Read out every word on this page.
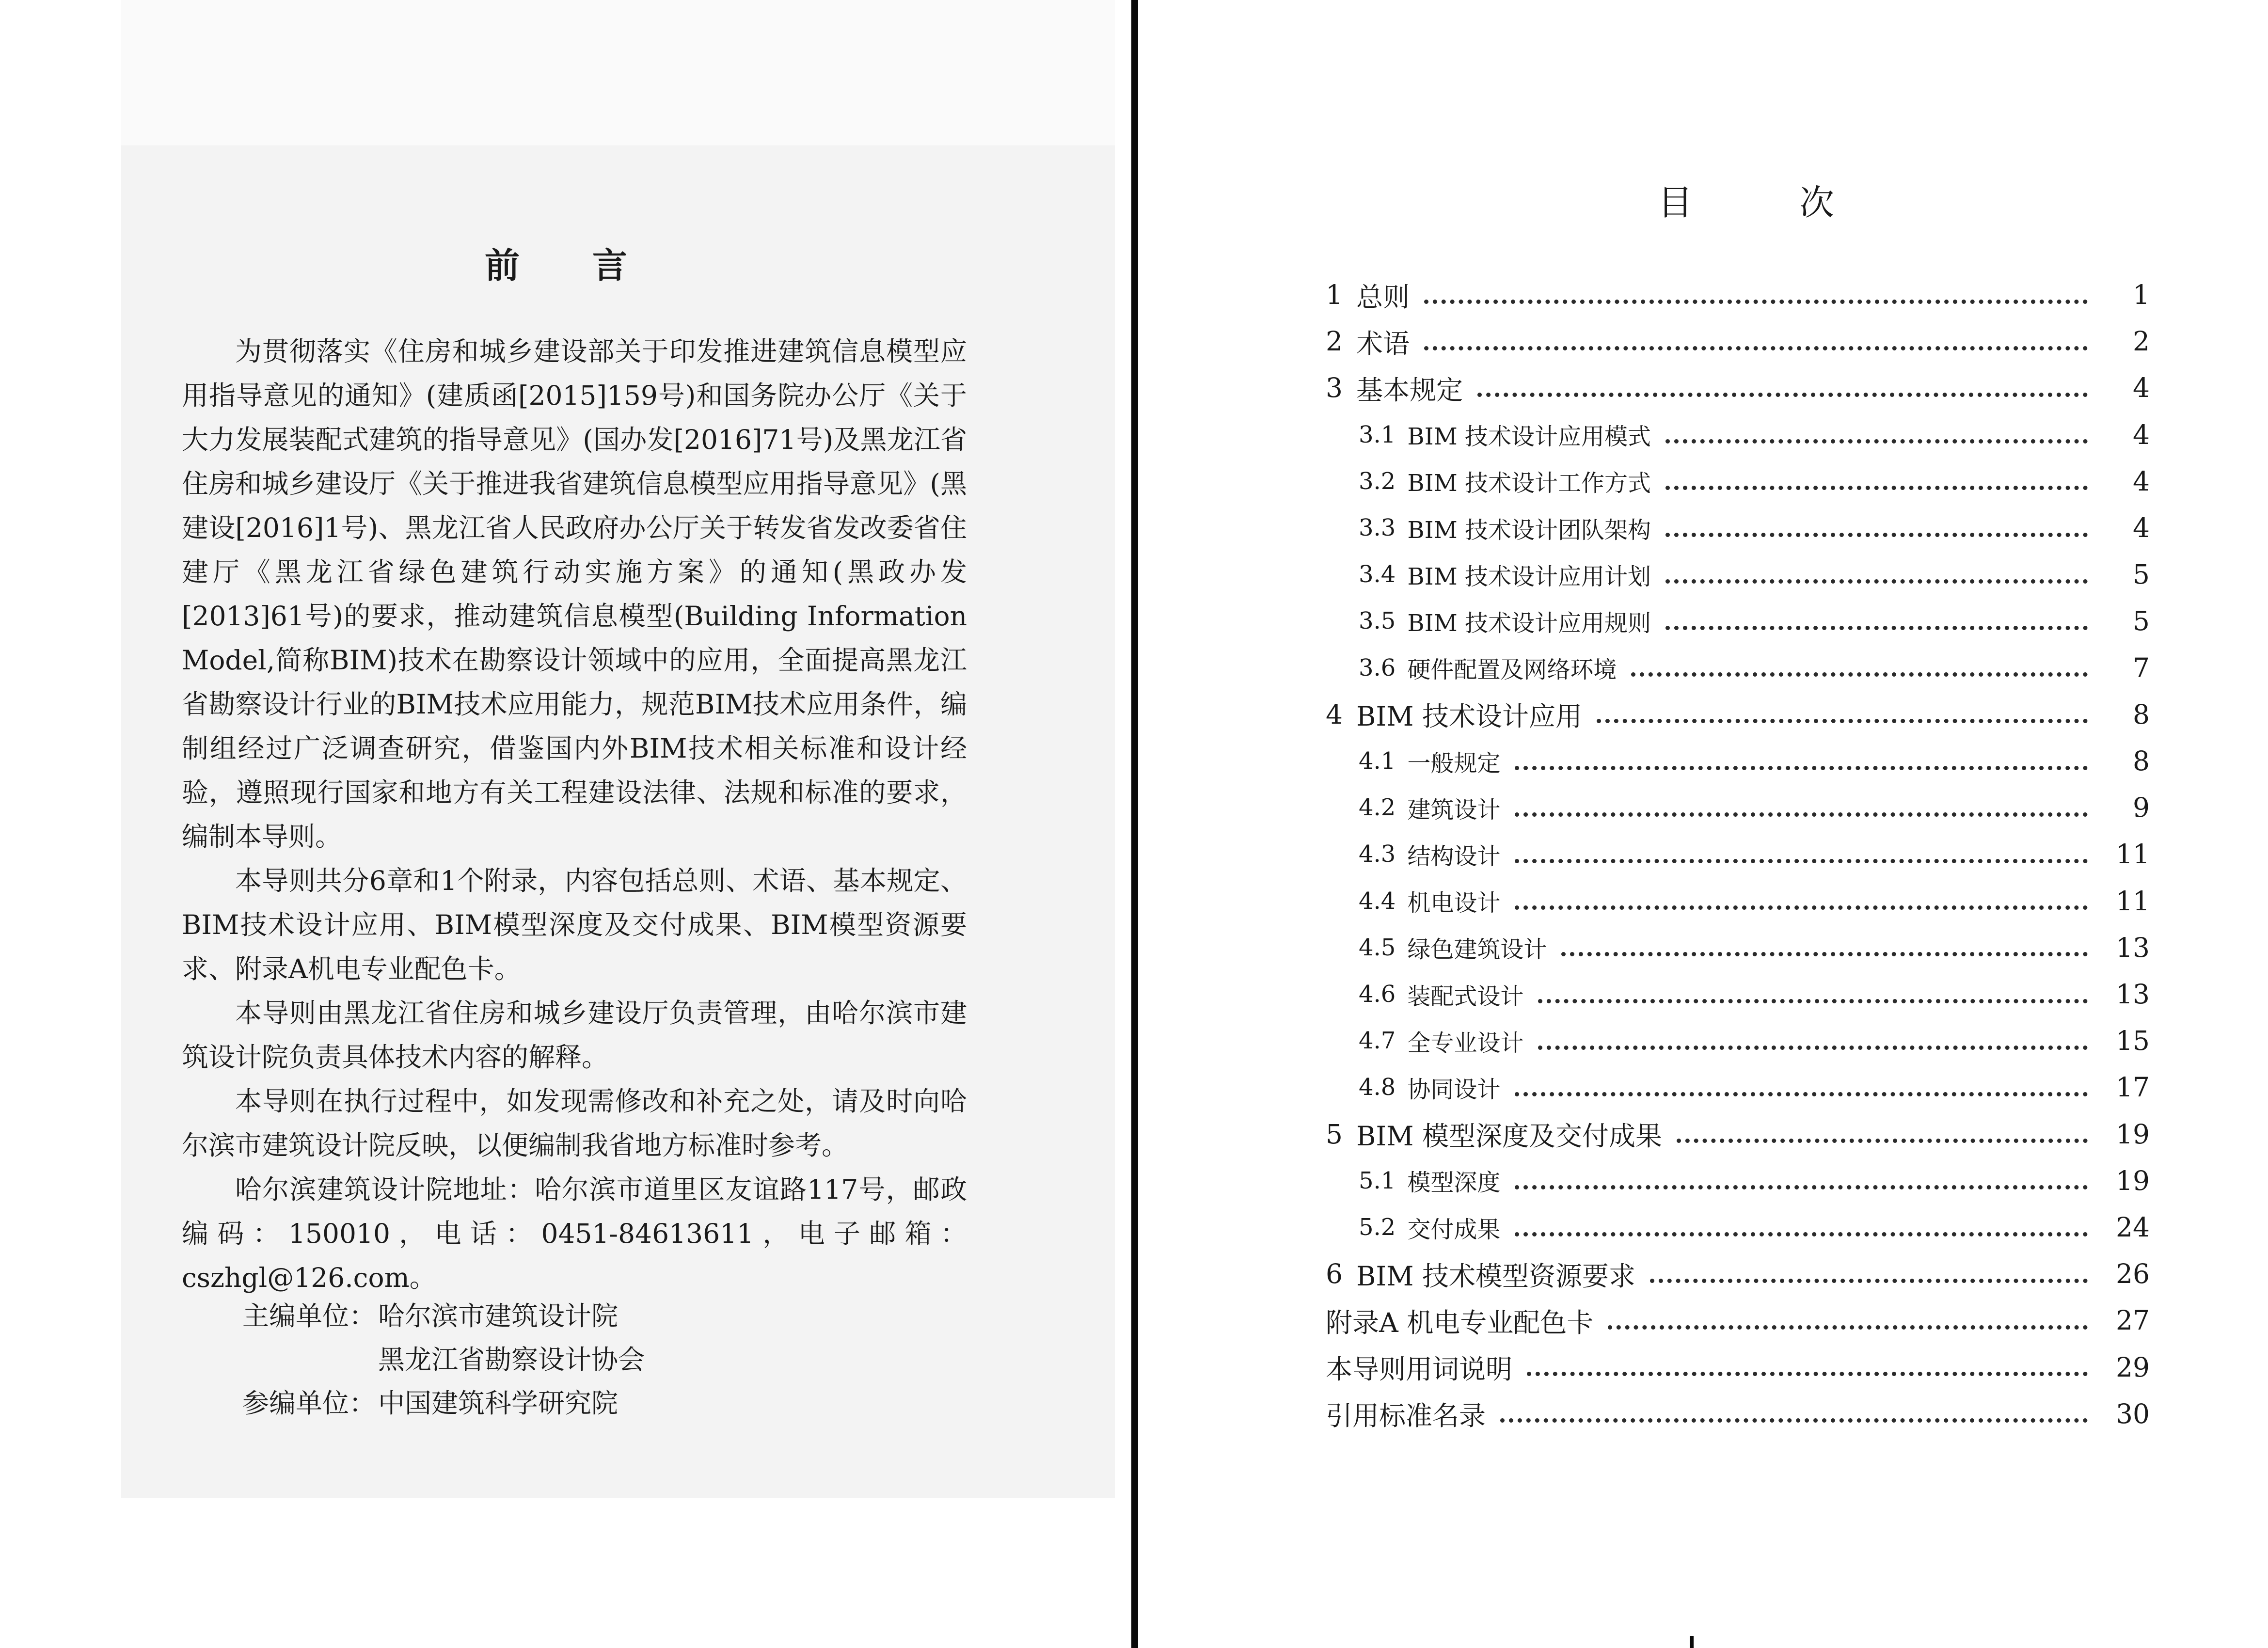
前言

为贯彻落实《住房和城乡建设部关于印发推进建筑信息模型应用指导意见的通知》(建质函[2015]159号)和国务院办公厅《关于大力发展装配式建筑的指导意见》(国办发[2016]71号)及黑龙江省住房和城乡建设厅《关于推进我省建筑信息模型应用指导意见》(黑建设[2016]1号)、黑龙江省人民政府办公厅关于转发省发改委省住建厅《黑龙江省绿色建筑行动实施方案》的通知(黑政办发 [2013]61号)的要求，推动建筑信息模型(Building Information Model,简称BIM)技术在勘察设计领域中的应用，全面提高黑龙江省勘察设计行业的BIM技术应用能力，规范BIM技术应用条件，编制组经过广泛调查研究，借鉴国内外BIM技术相关标准和设计经验，遵照现行国家和地方有关工程建设法律、法规和标准的要求，编制本导则。

本导则共分6章和1个附录，内容包括总则、术语、基本规定、BIM技术设计应用、BIM模型深度及交付成果、BIM模型资源要求、附录A机电专业配色卡。

本导则由黑龙江省住房和城乡建设厅负责管理，由哈尔滨市建筑设计院负责具体技术内容的解释。

本导则在执行过程中，如发现需修改和补充之处，请及时向哈尔滨市建筑设计院反映，以便编制我省地方标准时参考。

哈尔滨建筑设计院地址：哈尔滨市道里区友谊路117号，邮政编码：150010，电话：0451-84613611，电子邮箱：cszhgl@126.com。

主编单位： 哈尔滨市建筑设计院
黑龙江省勘察设计协会
参编单位： 中国建筑科学研究院
目次
1 总则	1
2 术语	2
3 基本规定	4
3.1 BIM 技术设计应用模式	4
3.2 BIM 技术设计工作方式	4
3.3 BIM 技术设计团队架构	4
3.4 BIM 技术设计应用计划	5
3.5 BIM 技术设计应用规则	5
3.6 硬件配置及网络环境	7
4 BIM 技术设计应用	8
4.1 一般规定	8
4.2 建筑设计	9
4.3 结构设计	11
4.4 机电设计	11
4.5 绿色建筑设计	13
4.6 装配式设计	13
4.7 全专业设计	15
4.8 协同设计	17
5 BIM 模型深度及交付成果	19
5.1 模型深度	19
5.2 交付成果	24
6 BIM 技术模型资源要求	26
附录A 机电专业配色卡	27
本导则用词说明	29
引用标准名录	30
